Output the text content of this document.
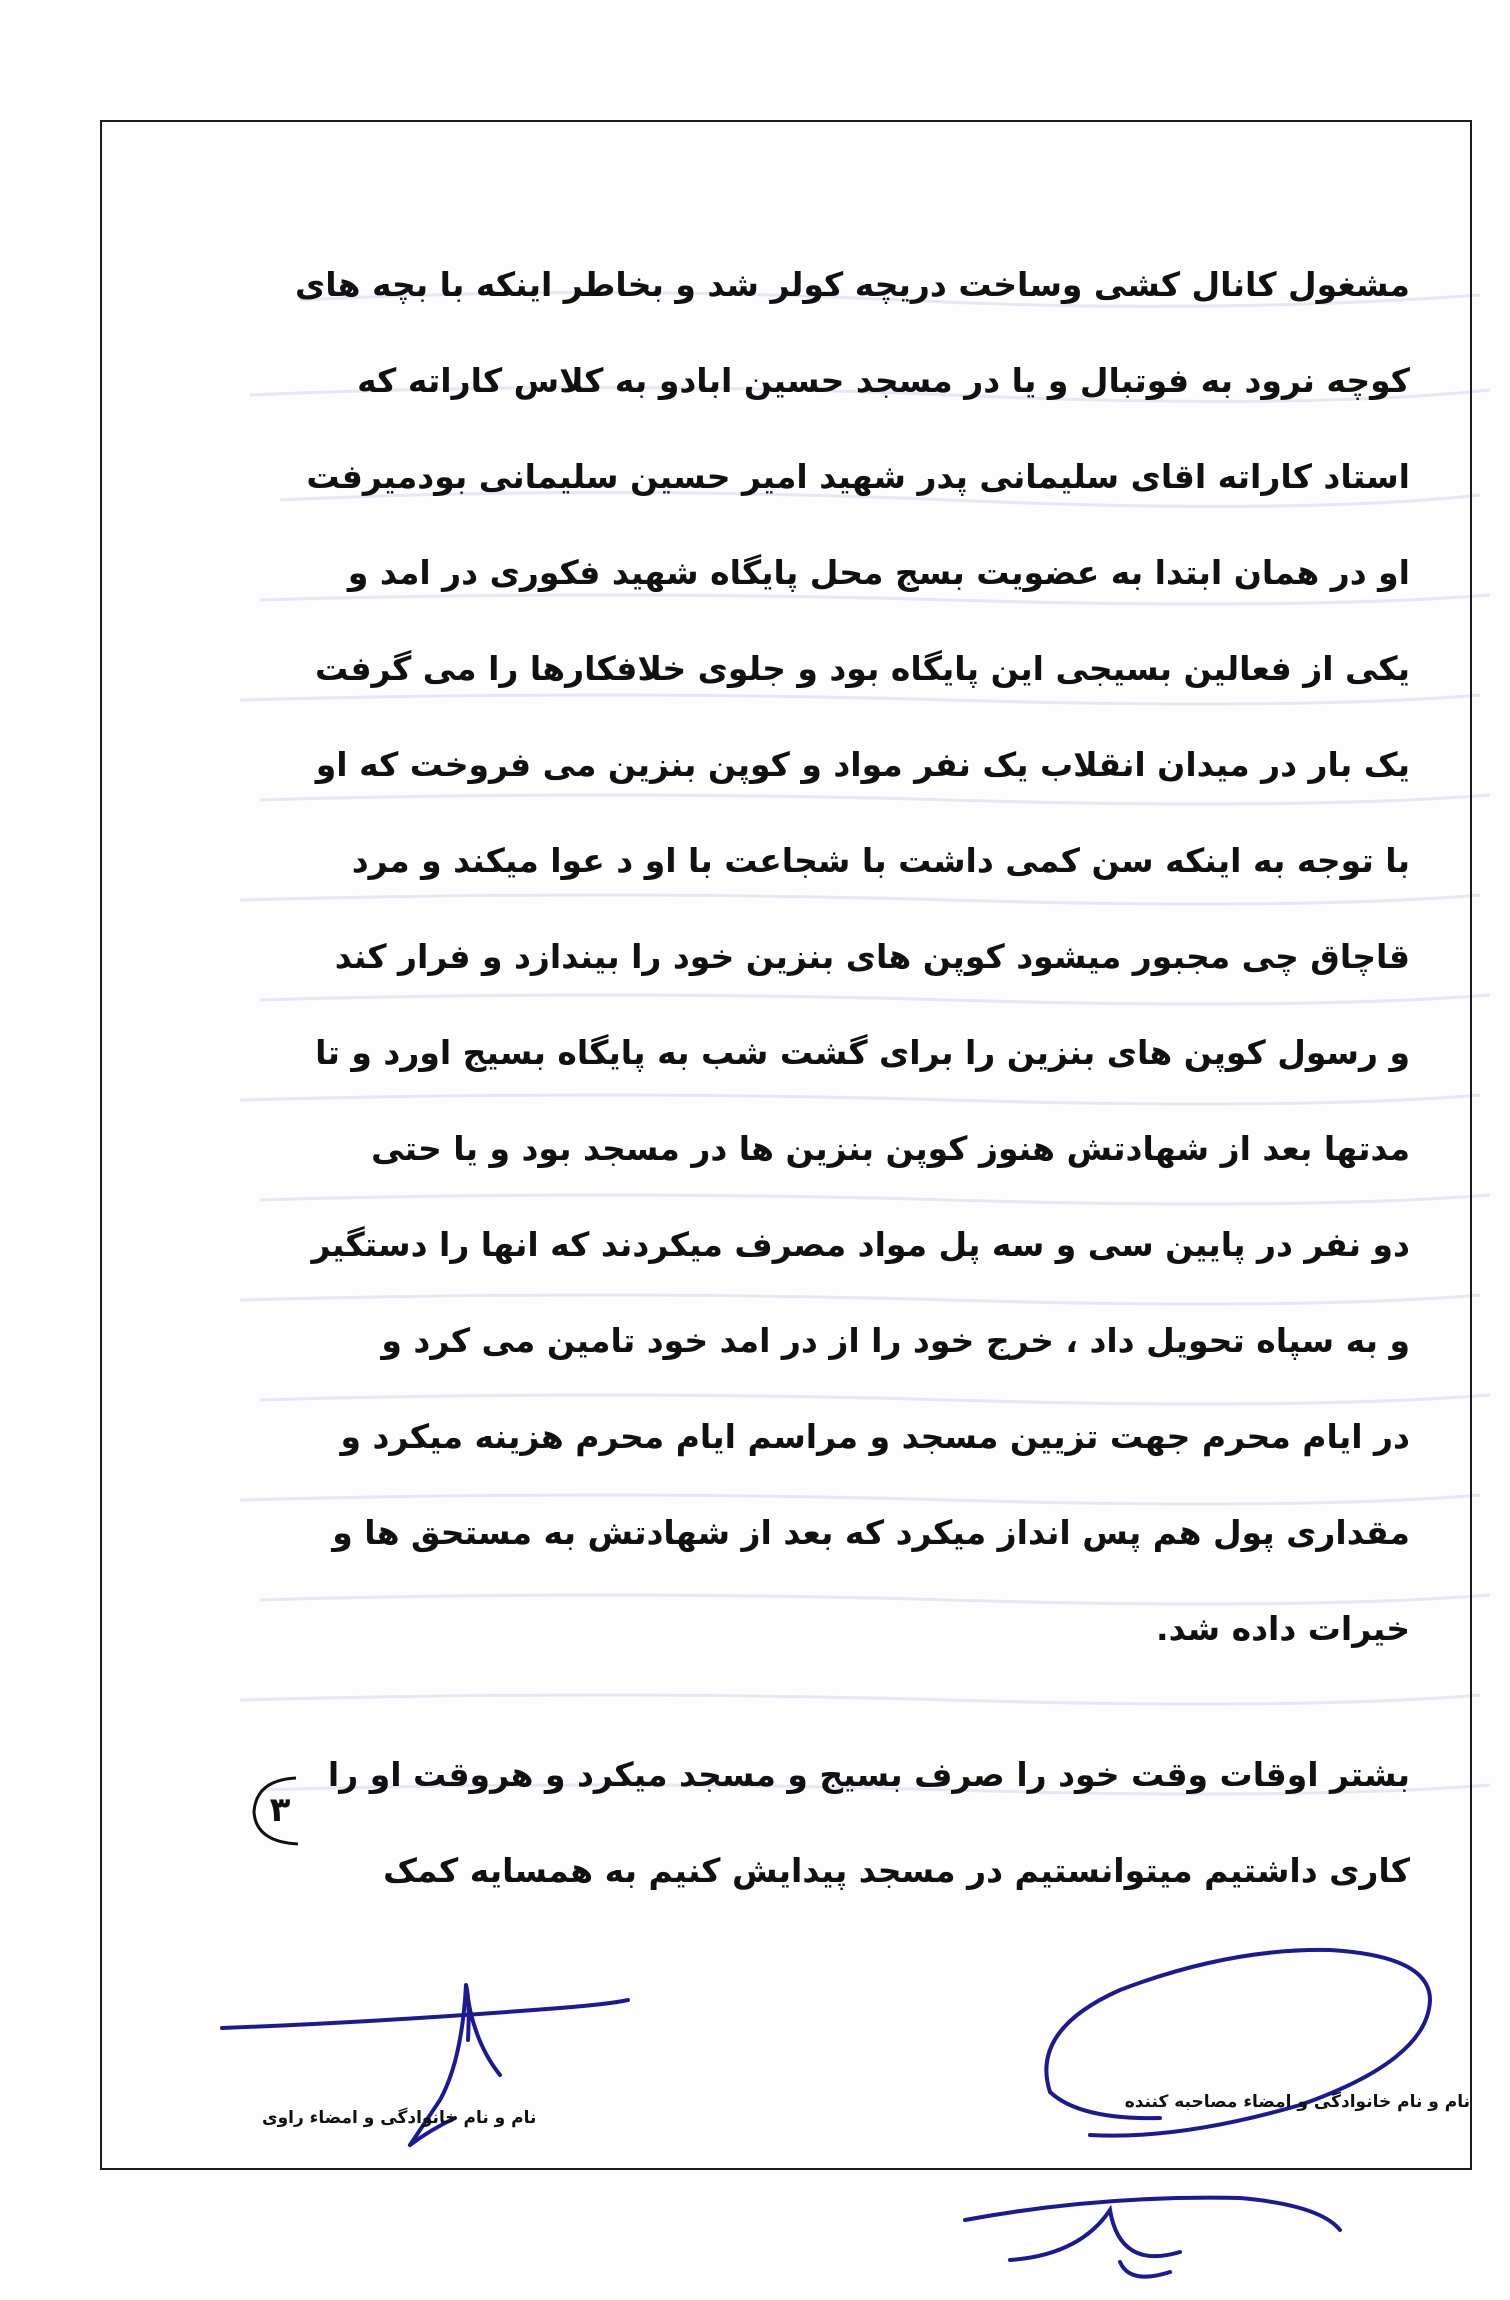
مشغول کانال کشی وساخت دریچه کولر شد و بخاطر اینکه با بچه های
کوچه نرود به فوتبال و یا در مسجد حسین ابادو به کلاس کاراته که
استاد کاراته اقای سلیمانی پدر شهید امیر حسین سلیمانی بودمیرفت
او در همان ابتدا به عضویت بسج محل پایگاه شهید فکوری در امد و
یکی از فعالین بسیجی این پایگاه بود و جلوی خلافکارها را می گرفت
یک بار در میدان انقلاب یک نفر مواد و کوپن بنزین می فروخت که او
با توجه به اینکه سن کمی داشت با شجاعت با او د عوا میکند و مرد
قاچاق چی مجبور میشود کوپن های بنزین خود را بیندازد و فرار کند
و رسول کوپن های بنزین را برای گشت شب به پایگاه بسیج اورد و تا
مدتها بعد از شهادتش هنوز کوپن بنزین ها در مسجد بود و یا حتی
دو نفر در پایین سی و سه پل مواد مصرف میکردند که انها را دستگیر
و به سپاه تحویل داد ، خرج خود را از در امد خود تامین می کرد و
در ایام محرم جهت تزیین مسجد و مراسم ایام محرم هزینه میکرد و
مقداری پول هم پس انداز میکرد که بعد از شهادتش به مستحق ها و
خیرات داده شد.
بشتر اوقات وقت خود را صرف بسیج و مسجد میکرد و هروقت او را
کاری داشتیم میتوانستیم در مسجد پیدایش کنیم به همسایه کمک
۳
نام و نام خانوادگی و امضاء راوی
نام و نام خانوادگی و امضاء مصاحبه کننده
